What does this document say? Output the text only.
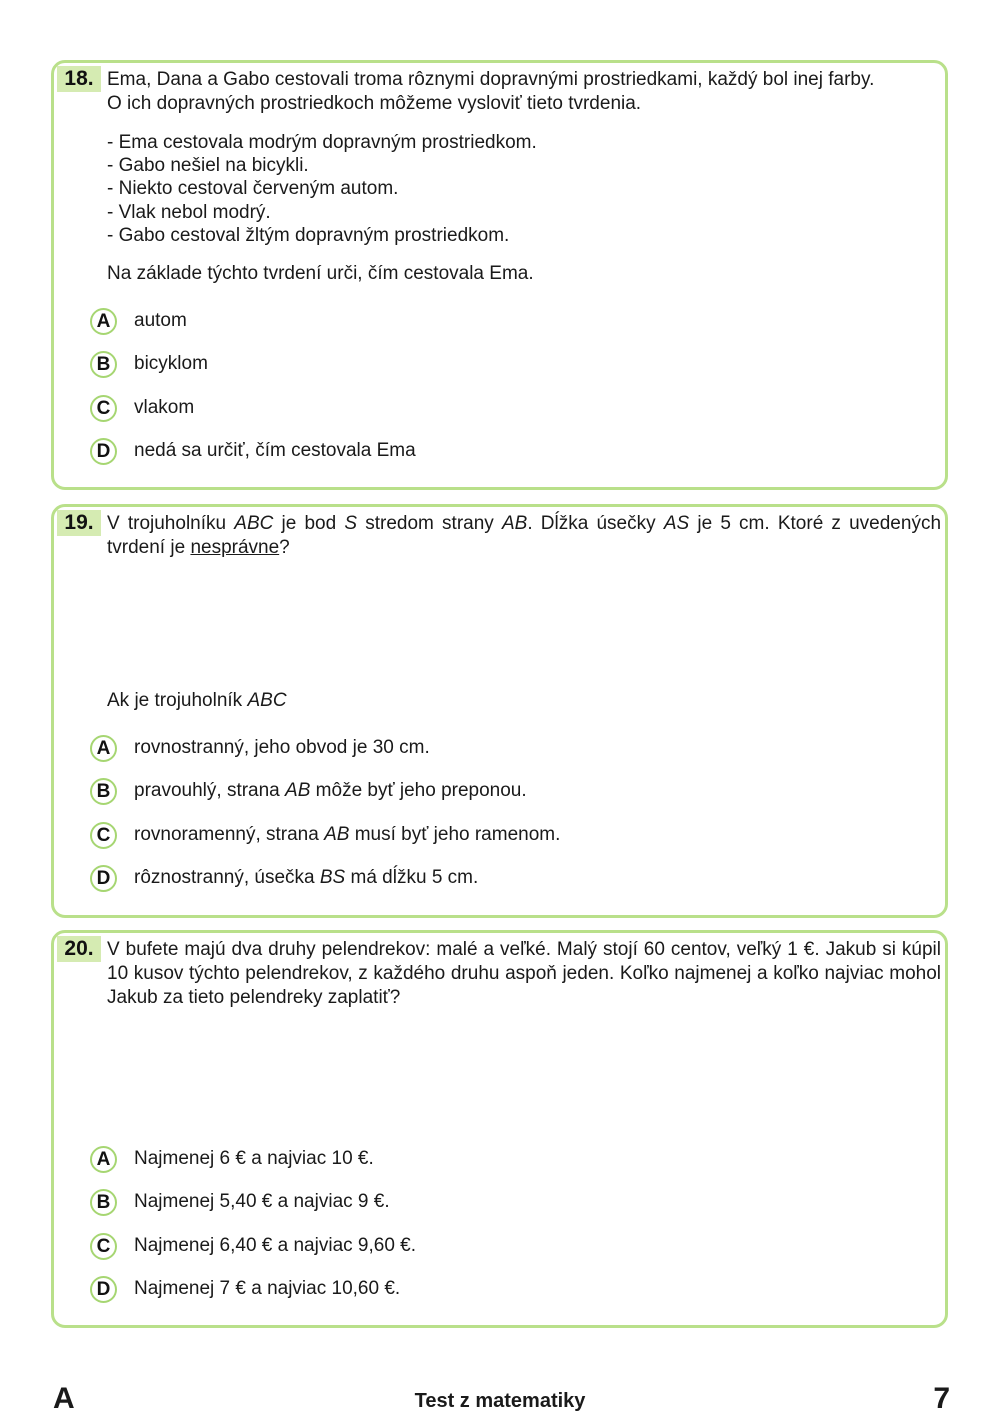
18. Ema, Dana a Gabo cestovali troma rôznymi dopravnými prostriedkami, každý bol inej farby.
O ich dopravných prostriedkoch môžeme vysloviť tieto tvrdenia.
- Ema cestovala modrým dopravným prostriedkom.
- Gabo nešiel na bicykli.
- Niekto cestoval červeným autom.
- Vlak nebol modrý.
- Gabo cestoval žltým dopravným prostriedkom.
Na základe týchto tvrdení urči, čím cestovala Ema.
A	autom
B	bicyklom
C	vlakom
D	nedá sa určiť, čím cestovala Ema
19. V trojuholníku ABC je bod S stredom strany AB. Dĺžka úsečky AS je 5 cm. Ktoré z uvedených tvrdení je nesprávne?
Ak je trojuholník ABC
A	rovnostranný, jeho obvod je 30 cm.
B	pravouhlý, strana AB môže byť jeho preponou.
C	rovnoramenný, strana AB musí byť jeho ramenom.
D	rôznostranný, úsečka BS má dĺžku 5 cm.
20. V bufete majú dva druhy pelendrekov: malé a veľké. Malý stojí 60 centov, veľký 1 €. Jakub si kúpil 10 kusov týchto pelendrekov, z každého druhu aspoň jeden. Koľko najmenej a koľko najviac mohol Jakub za tieto pelendreky zaplatiť?
A	Najmenej 6 € a najviac 10 €.
B	Najmenej 5,40 € a najviac 9 €.
C	Najmenej 6,40 € a najviac 9,60 €.
D	Najmenej 7 € a najviac 10,60 €.
A	Test z matematiky	7
